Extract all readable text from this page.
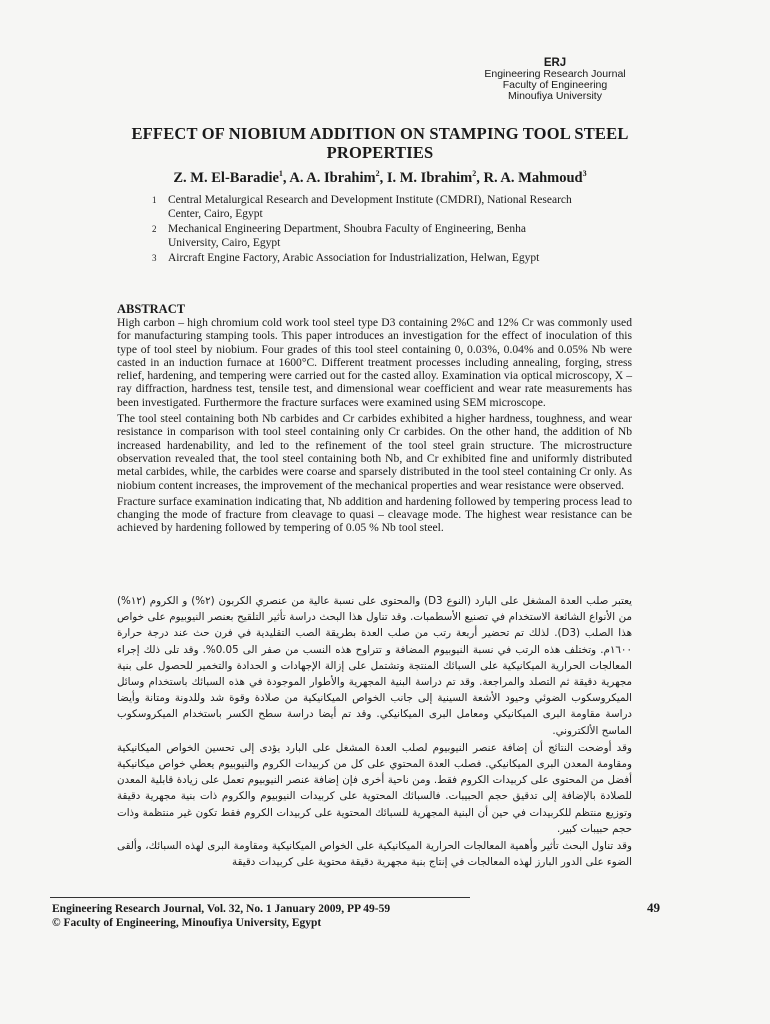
ERJ
Engineering Research Journal
Faculty of Engineering
Minoufiya University
EFFECT OF NIOBIUM ADDITION ON STAMPING TOOL STEEL PROPERTIES
Z. M. El-Baradie$^1$, A. A. Ibrahim$^2$, I. M. Ibrahim$^2$, R. A. Mahmoud$^3$
1	Central Metalurgical Research and Development Institute (CMDRI), National Research Center, Cairo, Egypt
2	Mechanical Engineering Department, Shoubra Faculty of Engineering, Benha University, Cairo, Egypt
3	Aircraft Engine Factory, Arabic Association for Industrialization, Helwan, Egypt
ABSTRACT

High carbon – high chromium cold work tool steel type D3 containing 2%C and 12% Cr was commonly used for manufacturing stamping tools. This paper introduces an investigation for the effect of inoculation of this type of tool steel by niobium. Four grades of this tool steel containing 0, 0.03%, 0.04% and 0.05% Nb were casted in an induction furnace at 1600°C. Different treatment processes including annealing, forging, stress relief, hardening, and tempering were carried out for the casted alloy. Examination via optical microscopy, X – ray diffraction, hardness test, tensile test, and dimensional wear coefficient and wear rate measurements has been investigated. Furthermore the fracture surfaces were examined using SEM microscope.

The tool steel containing both Nb carbides and Cr carbides exhibited a higher hardness, toughness, and wear resistance in comparison with tool steel containing only Cr carbides. On the other hand, the addition of Nb increased hardenability, and led to the refinement of the tool steel grain structure. The microstructure observation revealed that, the tool steel containing both Nb, and Cr exhibited fine and uniformly distributed metal carbides, while, the carbides were coarse and sparsely distributed in the tool steel containing Cr only. As niobium content increases, the improvement of the mechanical properties and wear resistance were observed.

Fracture surface examination indicating that, Nb addition and hardening followed by tempering process lead to changing the mode of fracture from cleavage to quasi – cleavage mode. The highest wear resistance can be achieved by hardening followed by tempering of 0.05 % Nb tool steel.

يعتبر صلب العدة المشغل على البارد (النوع D3) والمحتوى على نسبة عالية من عنصري الكربون (٢%) و الكروم (١٢%) من الأنواع الشائعة الاستخدام في تصنيع الأسطمبات. وقد تناول هذا البحث دراسة تأثير التلقيح بعنصر النيوبيوم على خواص هذا الصلب (D3). لذلك تم تحضير أربعة رتب من صلب العدة بطريقة الصب التقليدية في فرن حث عند درجة حرارة ١٦٠٠م. وتختلف هذه الرتب في نسبة النيوبيوم المضافة و تتراوح هذه النسب من صفر الى 0.05%. وقد تلى ذلك إجراء المعالجات الحرارية الميكانيكية على السبائك المنتجة وتشتمل على إزالة الإجهادات و الحدادة والتخمير للحصول على بنية مجهرية دقيقة ثم التصلد والمراجعة. وقد تم دراسة البنية المجهرية والأطوار الموجودة في هذه السبائك باستخدام وسائل الميكروسكوب الضوئي وحيود الأشعة السينية إلى جانب الخواص الميكانيكية من صلادة وقوة شد وللدونة ومتانة وأيضا دراسة مقاومة البرى الميكانيكي ومعامل البرى الميكانيكي. وقد تم أيضا دراسة سطح الكسر باستخدام الميكروسكوب الماسح الألكتروني.

وقد أوضحت النتائج أن إضافة عنصر النيوبيوم لصلب العدة المشغل على البارد يؤدى إلى تحسين الخواص الميكانيكية ومقاومة المعدن البرى الميكانيكي. فصلب العدة المحتوي على كل من كربيدات الكروم والنيوبيوم يعطي خواص ميكانيكية أفضل من المحتوى على كربيدات الكروم فقط. ومن ناحية أخرى فإن إضافة عنصر النيوبيوم تعمل على زيادة قابلية المعدن للصلادة بالإضافة إلى تدقيق حجم الحبيبات. فالسبائك المحتوية على كربيدات النيوبيوم والكروم ذات بنية مجهرية دقيقة وتوزيع منتظم للكربيدات في حين أن البنية المجهرية للسبائك المحتوية على كربيدات الكروم فقط تكون غير منتظمة وذات حجم حبيبات كبير.

وقد تناول البحث تأثير وأهمية المعالجات الحرارية الميكانيكية على الخواص الميكانيكية ومقاومة البرى لهذه السبائك، وألقى الضوء على الدور البارز لهذه المعالجات في إنتاج بنية مجهرية دقيقة محتوية على كربيدات دقيقة

Engineering Research Journal, Vol. 32, No. 1 January 2009, PP 49-59
© Faculty of Engineering, Minoufiya University, Egypt
49
